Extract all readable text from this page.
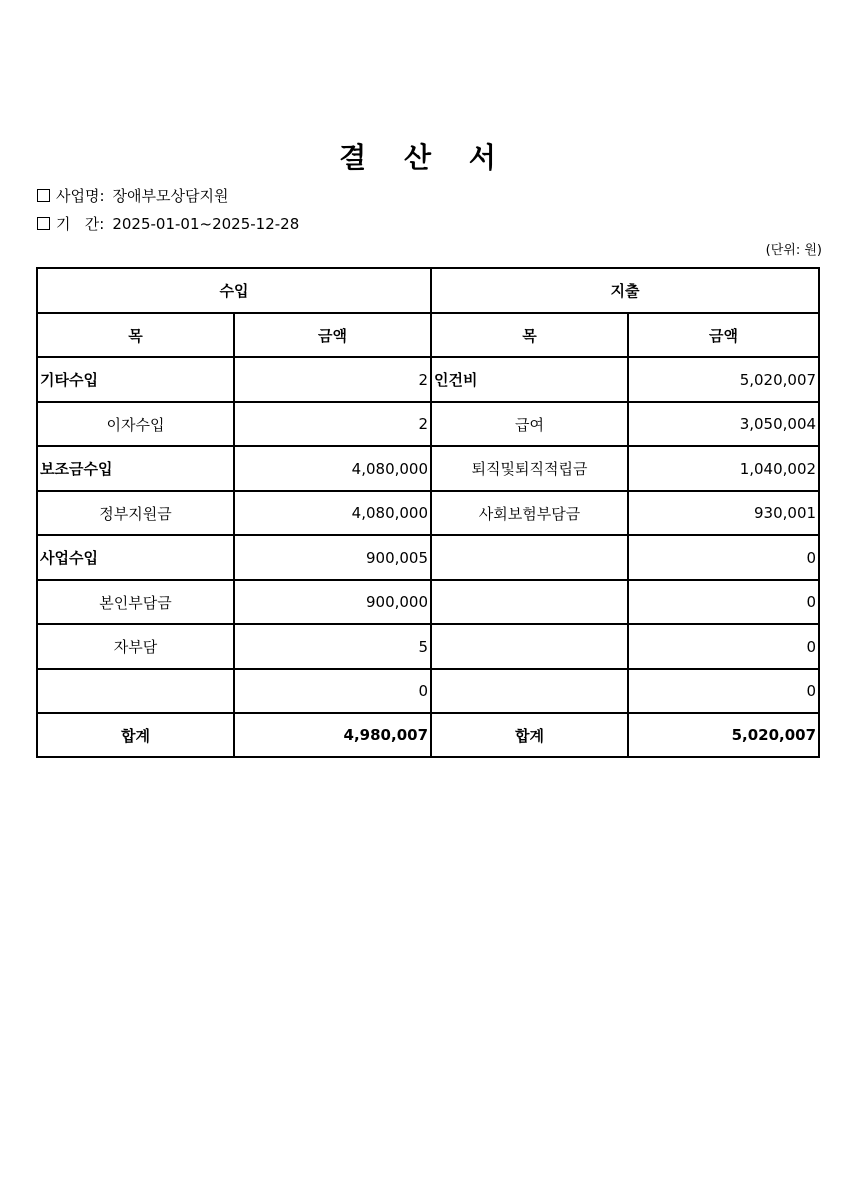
결 산 서
사업명: 장애부모상담지원
기   간: 2025-01-01~2025-12-28
(단위: 원)
수입		지출	
목	금액	목	금액
기타수입	2	인건비	5,020,007
이자수입	2	급여	3,050,004
보조금수입	4,080,000	퇴직및퇴직적립금	1,040,002
정부지원금	4,080,000	사회보험부담금	930,001
사업수입	900,005		0
본인부담금	900,000		0
자부담	5		0
	0		0
합계	4,980,007	합계	5,020,007
